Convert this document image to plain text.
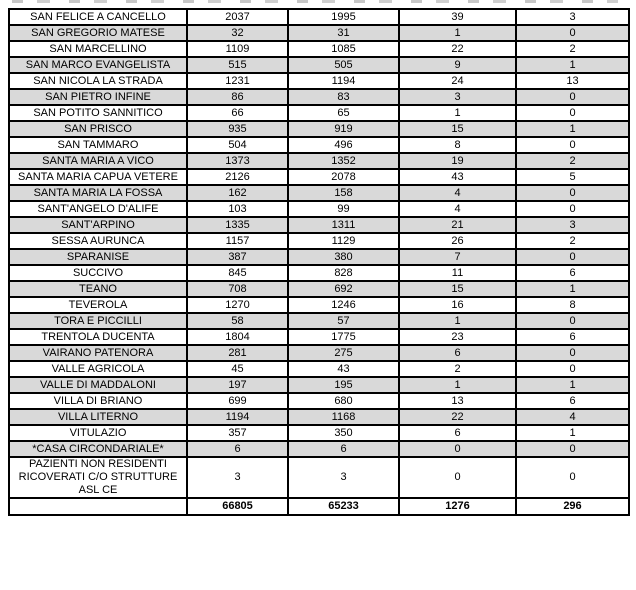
SAN FELICE A CANCELLO	2037	1995	39	3
SAN GREGORIO MATESE	32	31	1	0
SAN MARCELLINO	1109	1085	22	2
SAN MARCO EVANGELISTA	515	505	9	1
SAN NICOLA LA STRADA	1231	1194	24	13
SAN PIETRO INFINE	86	83	3	0
SAN POTITO SANNITICO	66	65	1	0
SAN PRISCO	935	919	15	1
SAN TAMMARO	504	496	8	0
SANTA MARIA A VICO	1373	1352	19	2
SANTA MARIA CAPUA VETERE	2126	2078	43	5
SANTA MARIA LA FOSSA	162	158	4	0
SANT'ANGELO D'ALIFE	103	99	4	0
SANT'ARPINO	1335	1311	21	3
SESSA AURUNCA	1157	1129	26	2
SPARANISE	387	380	7	0
SUCCIVO	845	828	11	6
TEANO	708	692	15	1
TEVEROLA	1270	1246	16	8
TORA E PICCILLI	58	57	1	0
TRENTOLA DUCENTA	1804	1775	23	6
VAIRANO PATENORA	281	275	6	0
VALLE AGRICOLA	45	43	2	0
VALLE DI MADDALONI	197	195	1	1
VILLA DI BRIANO	699	680	13	6
VILLA LITERNO	1194	1168	22	4
VITULAZIO	357	350	6	1
*CASA CIRCONDARIALE*	6	6	0	0
PAZIENTI NON RESIDENTI RICOVERATI C/O STRUTTURE ASL CE	3	3	0	0
	66805	65233	1276	296
